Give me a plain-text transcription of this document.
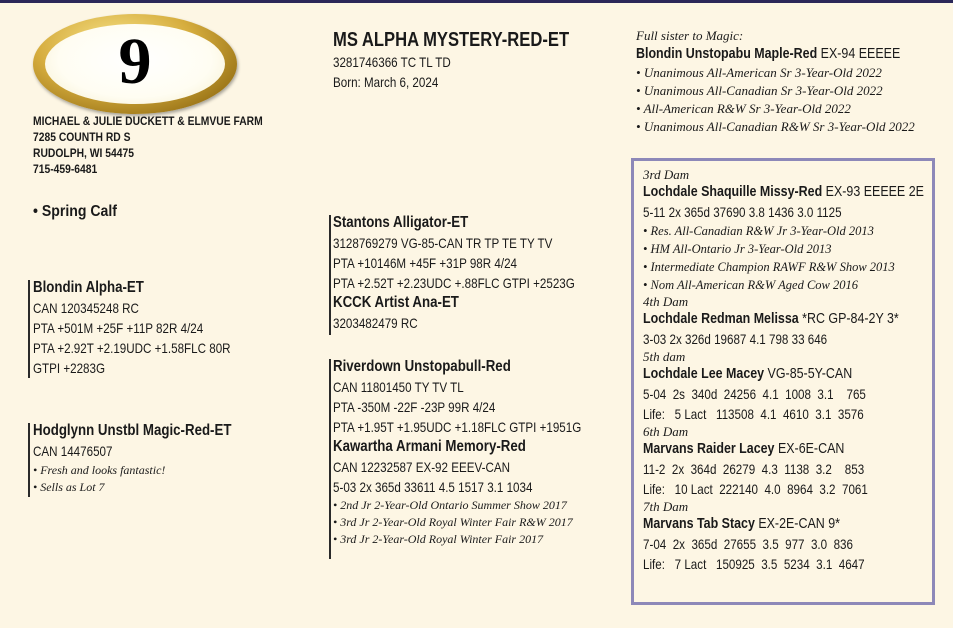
9
MICHAEL & JULIE DUCKETT & ELMVUE FARM
7285 COUNTH RD S
RUDOLPH, WI 54475
715-459-6481
• Spring Calf
MS ALPHA MYSTERY-RED-ET
3281746366 TC TL TD
Born: March 6, 2024
Blondin Alpha-ET
CAN 120345248 RC
PTA +501M +25F +11P 82R 4/24
PTA +2.92T +2.19UDC +1.58FLC 80R
GTPI +2283G
Hodglynn Unstbl Magic-Red-ET
CAN 14476507
• Fresh and looks fantastic!
• Sells as Lot 7
Stantons Alligator-ET
3128769279 VG-85-CAN TR TP TE TY TV
PTA +10146M +45F +31P 98R 4/24
PTA +2.52T +2.23UDC +.88FLC GTPI +2523G
KCCK Artist Ana-ET
3203482479 RC
Riverdown Unstopabull-Red
CAN 11801450 TY TV TL
PTA -350M -22F -23P 99R 4/24
PTA +1.95T +1.95UDC +1.18FLC GTPI +1951G
Kawartha Armani Memory-Red
CAN 12232587 EX-92 EEEV-CAN
5-03 2x 365d 33611 4.5 1517 3.1 1034
• 2nd Jr 2-Year-Old Ontario Summer Show 2017
• 3rd Jr 2-Year-Old Royal Winter Fair R&W 2017
• 3rd Jr 2-Year-Old Royal Winter Fair 2017
Full sister to Magic:
Blondin Unstopabu Maple-Red EX-94 EEEEE
• Unanimous All-American Sr 3-Year-Old 2022
• Unanimous All-Canadian Sr 3-Year-Old 2022
• All-American R&W Sr 3-Year-Old 2022
• Unanimous All-Canadian R&W Sr 3-Year-Old 2022
3rd Dam
Lochdale Shaquille Missy-Red EX-93 EEEEE 2E
5-11 2x 365d 37690 3.8 1436 3.0 1125
• Res. All-Canadian R&W Jr 3-Year-Old 2013
• HM All-Ontario Jr 3-Year-Old 2013
• Intermediate Champion RAWF R&W Show 2013
• Nom All-American R&W Aged Cow 2016
4th Dam
Lochdale Redman Melissa *RC GP-84-2Y 3*
3-03 2x 326d 19687 4.1 798 33 646
5th dam
Lochdale Lee Macey VG-85-5Y-CAN
5-04  2s  340d  24256  4.1  1008  3.1    765
Life:   5 Lact   113508  4.1  4610  3.1  3576
6th Dam
Marvans Raider Lacey EX-6E-CAN
11-2  2x  364d  26279  4.3  1138  3.2    853
Life:   10 Lact  222140  4.0  8964  3.2  7061
7th Dam
Marvans Tab Stacy EX-2E-CAN 9*
7-04  2x  365d  27655  3.5  977  3.0  836
Life:   7 Lact   150925  3.5  5234  3.1  4647
